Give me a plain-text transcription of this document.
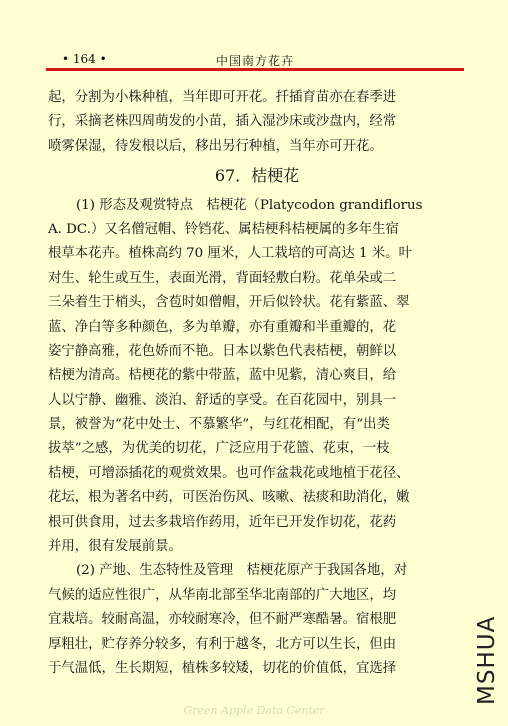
• 164 •	中国南方花卉
起，分割为小株种植，当年即可开花。扦插育苗亦在春季进
行，采摘老株四周萌发的小苗，插入湿沙床或沙盘内，经常
喷雾保湿，待发根以后，移出另行种植，当年亦可开花。
67．桔梗花
(1) 形态及观赏特点　桔梗花（Platycodon grandiflorus
A. DC.）又名僧冠帽、铃铛花、属桔梗科桔梗属的多年生宿
根草本花卉。植株高约 70 厘米，人工栽培的可高达 1 米。叶
对生、轮生或互生，表面光滑，背面轻敷白粉。花单朵或二
三朵着生于梢头，含苞时如僧帽，开后似铃状。花有紫蓝、翠
蓝、净白等多种颜色，多为单瓣，亦有重瓣和半重瓣的，花
姿宁静高雅，花色娇而不艳。日本以紫色代表桔梗，朝鲜以
桔梗为清高。桔梗花的紫中带蓝，蓝中见紫，清心爽目，给
人以宁静、幽雅、淡泊、舒适的享受。在百花园中，别具一
景，被誉为“花中处士、不慕繁华”，与红花相配，有“出类
拔萃”之感，为优美的切花，广泛应用于花篮、花束，一枝
桔梗，可增添插花的观赏效果。也可作盆栽花或地植于花径、
花坛，根为著名中药，可医治伤风、咳嗽、祛痰和助消化，嫩
根可供食用，过去多栽培作药用，近年已开发作切花，花药
并用，很有发展前景。
(2) 产地、生态特性及管理　桔梗花原产于我国各地，对
气候的适应性很广，从华南北部至华北南部的广大地区，均
宜栽培。较耐高温，亦较耐寒冷，但不耐严寒酷暑。宿根肥
厚粗壮，贮存养分较多，有利于越冬，北方可以生长，但由
于气温低，生长期短，植株多较矮，切花的价值低，宜选择	MSHUA
Green Apple Data Center
